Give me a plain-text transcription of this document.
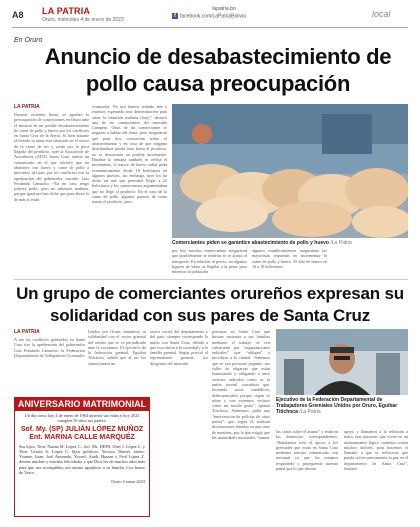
A8 LA PATRIA
Oruro, miércoles 4 de enero de 2023
lapatria.bo
f facebook.com/LaPatriaBolivia	local
En Oruro
Anuncio de desabastecimiento de pollo causa preocupación
LA PATRIA
Durante recientes horas, se agudizó la preocupación de comerciantes en Oruro ante el anuncio de un posible desabastecimiento de carne de pollo y huevo por los conflictos en Santa Cruz de la Sierra. Si bien durante el feriado se tenía esta situación en el sector de la carne de res y cerdo por la poca llegada del producto, ayer la Asociación de Avicultores (ADA) Santa Cruz, emitió un comunicado en el que advirtió que no abastecer con huevo y carne de pollo a mercados del país por los conflictos tras la aprehensión del gobernador cruceño, Luis Fernando Camacho. “En mi caso tengo todavía pollo, pero no sabemos mañana, porque igual me han dicho que para ahora lo de más sí están
avanzados. No nos hemos reunido aún y estamos esperando una determinación para saber la situación mañana (hoy)”, destacó una de las comerciantes del mercado Campero. Otras de las comerciantes se negaron a hablar del tema, pero aseguraron que para hoy conocerían sobre el abastecimiento y en caso de que ninguna distribuidora pueda traer hasta el producto, no se descartaría un posible incremento. Durante la semana también se refleja el incremento, el mayor de huevo subió poda económicamente desde 18 bolivianos en algunos puestos, sin embargo, ayer los ha dicho en una que permitirá llegar a 22 bolivianos y los comerciantes argumentaban que no llegó el producto. En el caso de la carne de pollo, algunos puestos de venta tenían el producto, pero
Comerciantes piden se garantice abastecimiento de pollo y huevo /La Patria
por hoy muchos comerciantes aseguraron que posiblemente se tendrías se se ajustó el transporte. En relación al precio, en algunos lugares de venta se llegaba a la pena, pero mientras la población
algunos establecimientos aseguraban los mayoristas requerían en incrementar la carne de pollo y huevo. El kilo de huevo en 16 a 18 bolivianos.
Un grupo de comerciantes orureños expresan su solidaridad con sus pares de Santa Cruz
LA PATRIA
A nte los conflictos generados en Santa Cruz tras la aprehensión del gobernador Luis Fernando Camacho, la Federación Departamental de Trabajadores Gremiales
Unidos por Oruro, manifestó su solidaridad con el sector gremial del oriente que se ve perjudicado ante la coyuntura. El ejecutivo de la federación gremial, Eguibar Titichoca, señaló que al ser los comerciantes un
sector social del departamento y del país, siempre corresponde la unión con Santa Cruz, debido a que esta afecta a la sociedad y a la familia gremial. Según precisó el representante gremial, los dirigentes del mercado
personas en Santa Cruz que buscan sustentar a sus familias mediante el trabajo, se ven vulneradas por “organizaciones radicales” que “obligan” a movilizar a la ciudad. “Sabemos que se ven personas pegadas, sus calles de oligarcas que están financiando y obligando a unos sectores radicales como es la unión juvenil cruceñista que, haciendo actos vandálicos, delincuenciales porque segun es robar y con extremos vecinos como mi mucha gente”, apuntó Titichoca. Asimismo, pidió una “intervención de policías de otros países”, que, según él, realizan declaraciones basadas en una serie de mentiras, por lo que exigió que las autoridades nacionales “tomen
Ejecutivo de la Federación Departamental de Trabajadores Gremiales Unidos por Oruro, Eguibar Titichoca /La Patria
las cartas sobre el asunto” y realicen las denuncias correspondientes. “Brindamos todo el apoyo a los gremiales que están en Santa Cruz mediante nuestro comunicado con nacional ya que los estamos respetando y protegiendo nuestra patria por lo que desean
apoyo y llamamos a la reflexión a todos esas personas que viven en un razonamiento lógico continuo contra muchos dolores, para hacemos el llamado a que se reflexione que pueda volver nuevamente la paz en el departamento de Santa Cruz”, finalizó.
ANIVERSARIO MATRIMONIAL
Un día como hoy 4 de enero de 1964 unieron sus vidas y hoy 2023 cumplen 59 años sus padres:
Sof. My. (SP) JULIÁN LÓPEZ MUÑOZ
Ent. MARINA CALLE MARQUÉZ
Sus hijos: Tecn. Nauna M. López C., Sof. Ms. DEPS. Uber J. López C. y Tecn. Ursula A. López C. hijos políticos: Yessica, Daniel, nietos: Yoamie, Itzae, Joel Armando, Yoosef, Anali, Hassen y Feid López Z. desean muchas y muchas felicidades y que Dios les de muchos años más para que nos acompañen, así mismo agradecer a su familia. Con honor de Vasco
Oruro 4 enero 2023
